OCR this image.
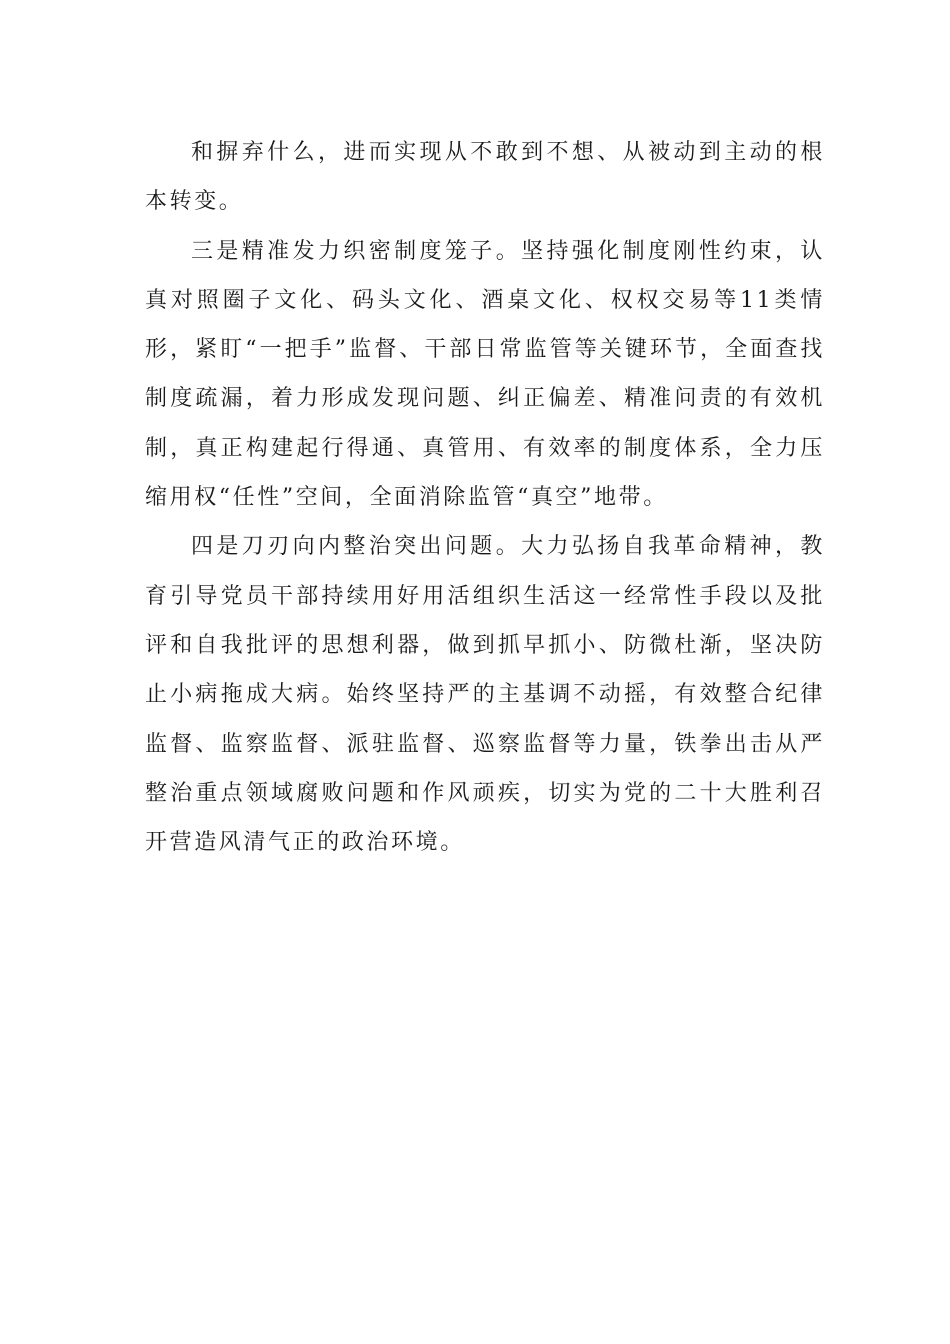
和摒弃什么，进而实现从不敢到不想、从被动到主动的根本转变。

三是精准发力织密制度笼子。坚持强化制度刚性约束，认真对照圈子文化、码头文化、酒桌文化、权权交易等11类情形，紧盯“一把手”监督、干部日常监管等关键环节，全面查找制度疏漏，着力形成发现问题、纠正偏差、精准问责的有效机制，真正构建起行得通、真管用、有效率的制度体系，全力压缩用权“任性”空间，全面消除监管“真空”地带。

四是刀刃向内整治突出问题。大力弘扬自我革命精神，教育引导党员干部持续用好用活组织生活这一经常性手段以及批评和自我批评的思想利器，做到抓早抓小、防微杜渐，坚决防止小病拖成大病。始终坚持严的主基调不动摇，有效整合纪律监督、监察监督、派驻监督、巡察监督等力量，铁拳出击从严整治重点领域腐败问题和作风顽疾，切实为党的二十大胜利召开营造风清气正的政治环境。
